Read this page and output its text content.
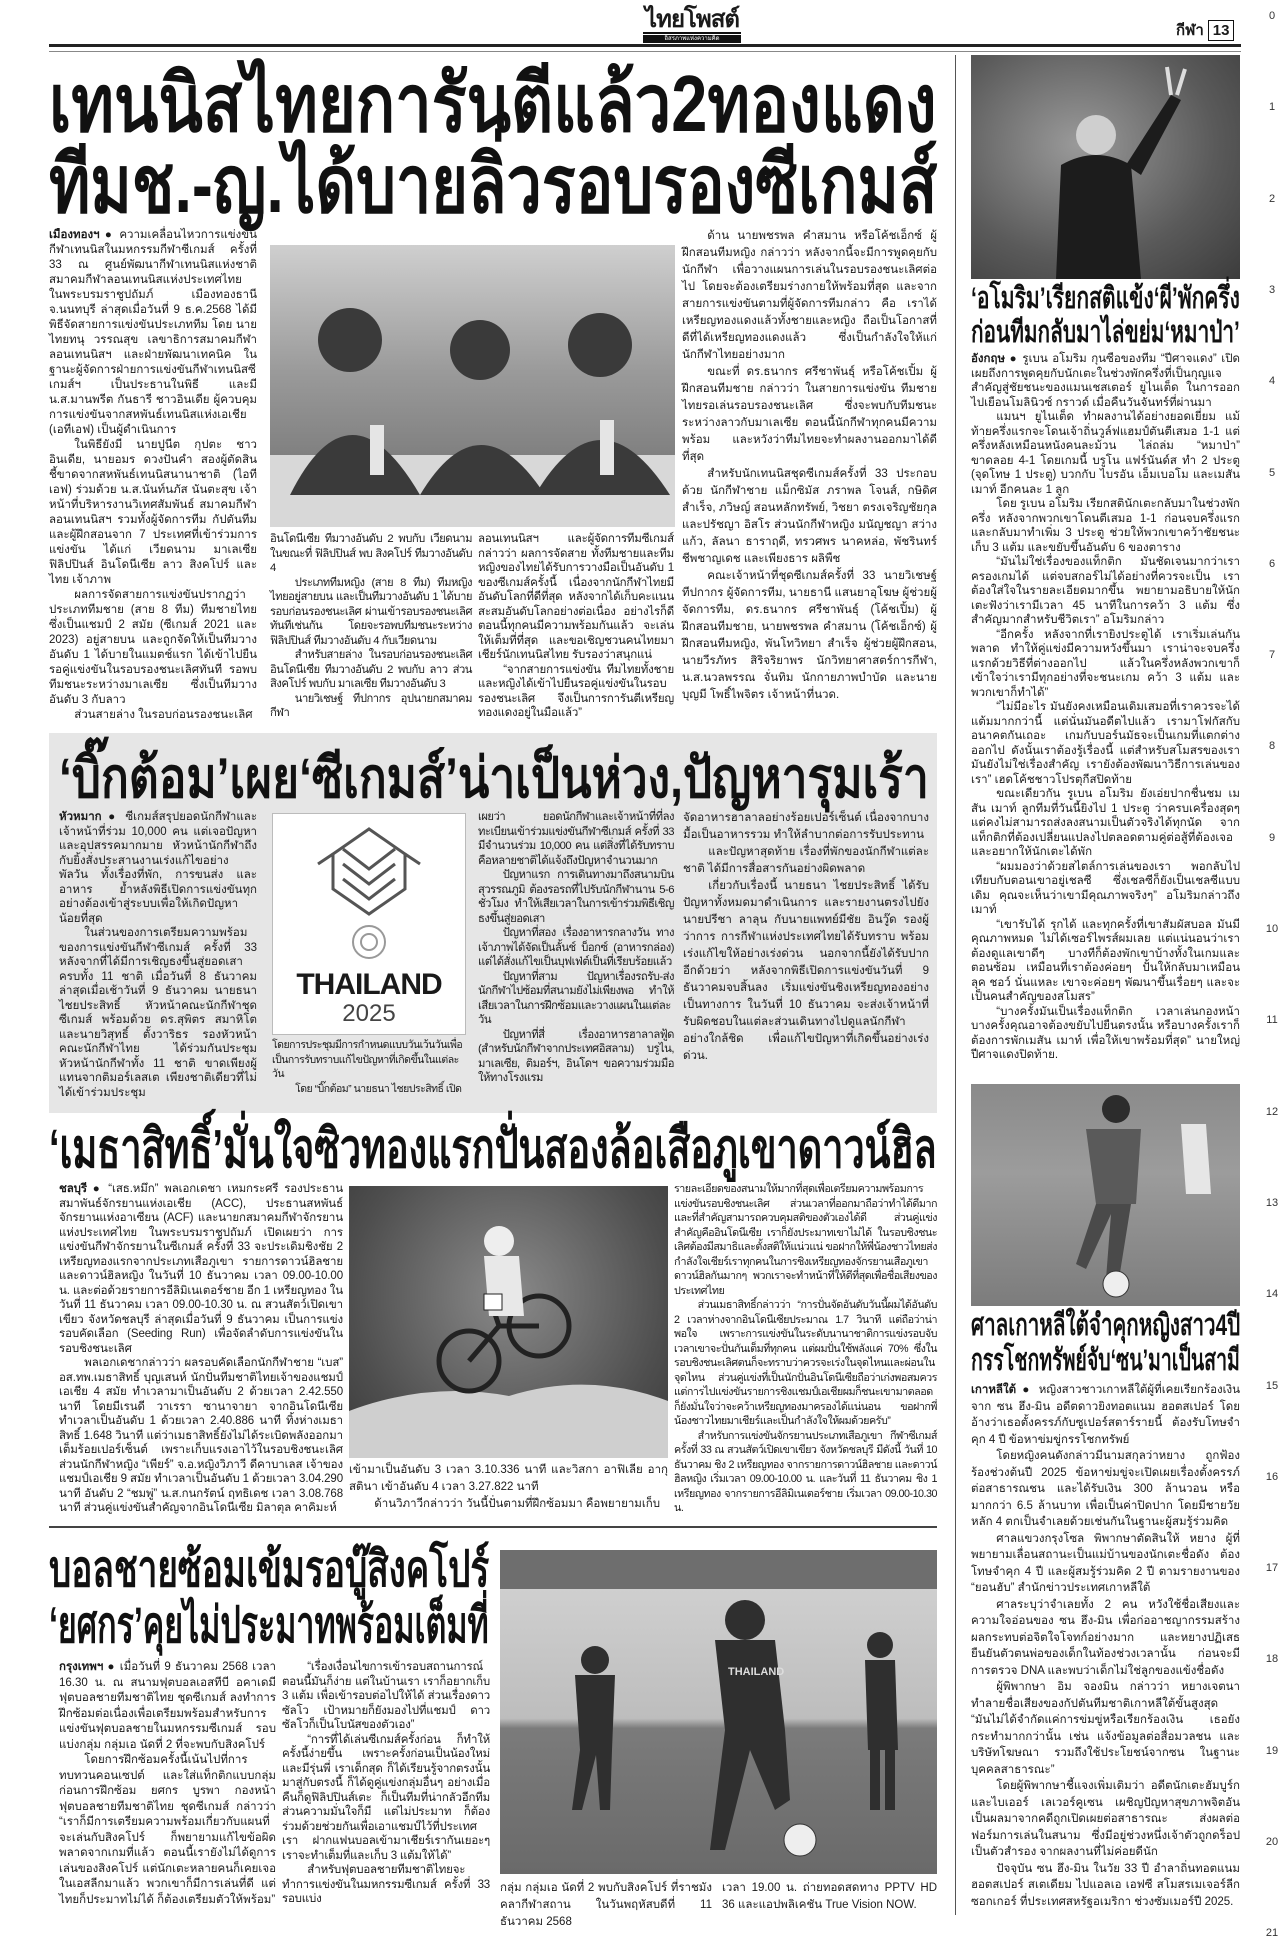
ไทยโพสต์
อิสรภาพแห่งความคิด	กีฬา 13
0
1
2
3
4
5
6
7
8
9
10
11
12
13
14
15
16
17
18
19
20
21
เทนนิสไทยการันตีแล้ว2ทองแดง
ทีมช.-ญ.ได้บายลิ่วรอบรองซีเกมส์

เมืองทองฯ ● ความเคลื่อนไหวการแข่งขันกีฬาเทนนิสในมหกรรมกีฬาซีเกมส์ ครั้งที่ 33 ณ ศูนย์พัฒนากีฬาเทนนิสแห่งชาติ สมาคมกีฬาลอนเทนนิสแห่งประเทศไทย ในพระบรมราชูปถัมภ์ เมืองทองธานี จ.นนทบุรี ล่าสุดเมื่อวันที่ 9 ธ.ค.2568 ได้มีพิธีจัดสายการแข่งขันประเภททีม โดย นายไทยทนุ วรรณสุข เลขาธิการสมาคมกีฬาลอนเทนนิสฯ และฝ่ายพัฒนาเทคนิค ในฐานะผู้จัดการฝ่ายการแข่งขันกีฬาเทนนิสซีเกมส์ฯ เป็นประธานในพิธี และมี น.ส.มานพรีต กันธารี ชาวอินเดีย ผู้ควบคุมการแข่งขันจากสหพันธ์เทนนิสแห่งเอเชีย (เอทีเอฟ) เป็นผู้ดำเนินการ

ในพิธียังมี นายปูนีต กุปตะ ชาวอินเดีย, นายอมร ดวงปันคำ สองผู้ตัดสินชี้ขาดจากสหพันธ์เทนนิสนานาชาติ (ไอทีเอฟ) ร่วมด้วย น.ส.นันท์นภัส นันตะสุข เจ้าหน้าที่บริหารงานวิเทศสัมพันธ์ สมาคมกีฬาลอนเทนนิสฯ รวมทั้งผู้จัดการทีม กัปตันทีม และผู้ฝึกสอนจาก 7 ประเทศที่เข้าร่วมการแข่งขัน ได้แก่ เวียดนาม มาเลเซีย ฟิลิปปินส์ อินโดนีเซีย ลาว สิงคโปร์ และไทย เจ้าภาพ

ผลการจัดสายการแข่งขันปรากฏว่า ประเภททีมชาย (สาย 8 ทีม) ทีมชายไทย ซึ่งเป็นแชมป์ 2 สมัย (ซีเกมส์ 2021 และ 2023) อยู่สายบน และถูกจัดให้เป็นทีมวางอันดับ 1 ได้บายในแมตช์แรก ได้เข้าไปยืนรอคู่แข่งขันในรอบรองชนะเลิศทันที รอพบทีมชนะระหว่างมาเลเซีย ซึ่งเป็นทีมวางอันดับ 3 กับลาว

ส่วนสายล่าง ในรอบก่อนรองชนะเลิศ

อินโดนีเซีย ทีมวางอันดับ 2 พบกับ เวียดนาม ในขณะที่ ฟิลิปปินส์ พบ สิงคโปร์ ทีมวางอันดับ 4

ประเภททีมหญิง (สาย 8 ทีม) ทีมหญิงไทยอยู่สายบน และเป็นทีมวางอันดับ 1 ได้บายรอบก่อนรองชนะเลิศ ผ่านเข้ารอบรองชนะเลิศทันทีเช่นกัน โดยจะรอพบทีมชนะระหว่างฟิลิปปินส์ ทีมวางอันดับ 4 กับเวียดนาม

สำหรับสายล่าง ในรอบก่อนรองชนะเลิศ อินโดนีเซีย ทีมวางอันดับ 2 พบกับ ลาว ส่วนสิงคโปร์ พบกับ มาเลเซีย ทีมวางอันดับ 3

นายวิเชษฐ์ ทีปกากร อุปนายกสมาคมกีฬา

ลอนเทนนิสฯ และผู้จัดการทีมซีเกมส์ กล่าวว่า ผลการจัดสาย ทั้งทีมชายและทีมหญิงของไทยได้รับการวางมือเป็นอันดับ 1 ของซีเกมส์ครั้งนี้ เนื่องจากนักกีฬาไทยมีอันดับโลกที่ดีที่สุด หลังจากได้เก็บคะแนนสะสมอันดับโลกอย่างต่อเนื่อง อย่างไรก็ดีตอนนี้ทุกคนมีความพร้อมกันแล้ว จะเล่นให้เต็มที่ที่สุด และขอเชิญชวนคนไทยมาเชียร์นักเทนนิสไทย รับรองว่าสนุกแน่

“จากสายการแข่งขัน ทีมไทยทั้งชายและหญิงได้เข้าไปยืนรอคู่แข่งขันในรอบรองชนะเลิศ จึงเป็นการการันตีเหรียญทองแดงอยู่ในมือแล้ว”

ด้าน นายพชรพล คำสมาน หรือโค้ชเอ็กซ์ ผู้ฝึกสอนทีมหญิง กล่าวว่า หลังจากนี้จะมีการพูดคุยกับนักกีฬา เพื่อวางแผนการเล่นในรอบรองชนะเลิศต่อไป โดยจะต้องเตรียมร่างกายให้พร้อมที่สุด และจากสายการแข่งขันตามที่ผู้จัดการทีมกล่าว คือ เราได้เหรียญทองแดงแล้วทั้งชายและหญิง ถือเป็นโอกาสที่ดีที่ได้เหรียญทองแดงแล้ว ซึ่งเป็นกำลังใจให้แก่นักกีฬาไทยอย่างมาก

ขณะที่ ดร.ธนากร ศรีชาพันธุ์ หรือโค้ชเปิ้ม ผู้ฝึกสอนทีมชาย กล่าวว่า ในสายการแข่งขัน ทีมชายไทยรอเล่นรอบรองชนะเลิศ ซึ่งจะพบกับทีมชนะระหว่างลาวกับมาเลเซีย ตอนนี้นักกีฬาทุกคนมีความพร้อม และหวังว่าทีมไทยจะทำผลงานออกมาได้ดีที่สุด

สำหรับนักเทนนิสชุดซีเกมส์ครั้งที่ 33 ประกอบด้วย นักกีฬาชาย แม็กซิมัส ภราพล โจนส์, กษิดิศ สำเร็จ, ภวิษญ์ สอนหลักทรัพย์, วิชยา ตรงเจริญชัยกุล และปรัชญา อิสโร ส่วนนักกีฬาหญิง มนัญชญา สว่างแก้ว, ลัลนา ธาราฤดี, ทรวศพร นาคหล่อ, พัชรินทร์ ชีพชาญเดช และเพียงธาร ผลิพืช

คณะเจ้าหน้าที่ชุดซีเกมส์ครั้งที่ 33 นายวิเชษฐ์ ทีปกากร ผู้จัดการทีม, นายธานี แสนยาอุโฆษ ผู้ช่วยผู้จัดการทีม, ดร.ธนากร ศรีชาพันธุ์ (โค้ชเปิ้ม) ผู้ฝึกสอนทีมชาย, นายพชรพล คำสมาน (โค้ชเอ็กซ์) ผู้ฝึกสอนทีมหญิง, พันโทวิทยา สำเร็จ ผู้ช่วยผู้ฝึกสอน, นายวีรภัทร สิริจริยาพร นักวิทยาศาสตร์การกีฬา, น.ส.นวลพรรณ จั่นทิม นักกายภาพบำบัด และนายบุญมี โพธิ์ไพจิตร เจ้าหน้าที่นวด.

‘บิ๊กต้อม’เผย‘ซีเกมส์’น่าเป็นห่วง,ปัญหารุมเร้า

หัวหมาก ● ซีเกมส์สรุปยอดนักกีฬาและเจ้าหน้าที่ร่วม 10,000 คน แต่เจอปัญหาและอุปสรรคมากมาย หัวหน้านักกีฬาถึงกับยิ้งสั่งประสานงานเร่งแก้ไขอย่างพัลวัน ทั้งเรื่องที่พัก, การขนส่ง และอาหาร ย้ำหลังพิธีเปิดการแข่งขันทุกอย่างต้องเข้าสู่ระบบเพื่อให้เกิดปัญหาน้อยที่สุด

ในส่วนของการเตรียมความพร้อมของการแข่งขันกีฬาซีเกมส์ ครั้งที่ 33 หลังจากที่ได้มีการเชิญธงขึ้นสู่ยอดเสาครบทั้ง 11 ชาติ เมื่อวันที่ 8 ธันวาคม ล่าสุดเมื่อเช้าวันที่ 9 ธันวาคม นายธนา ไชยประสิทธิ์ หัวหน้าคณะนักกีฬาชุดซีเกมส์ พร้อมด้วย ดร.สุพิตร สมาหิโต และนายวิสุทธิ์ ตั้งวาริธร รองหัวหน้าคณะนักกีฬาไทย ได้ร่วมกันประชุมหัวหน้านักกีฬาทั้ง 11 ชาติ ขาดเพียงผู้แทนจากติมอร์เลสเต เพียงชาติเดียวที่ไม่ได้เข้าร่วมประชุม

THAILAND
2025

โดยการประชุมมีการกำหนดแบบวันเว้นวันเพื่อเป็นการรับทราบแก้ไขปัญหาที่เกิดขึ้นในแต่ละวัน

โดย “บิ๊กต้อม” นายธนา ไชยประสิทธิ์ เปิด

เผยว่า ยอดนักกีฬาและเจ้าหน้าที่ที่ลงทะเบียนเข้าร่วมแข่งขันกีฬาซีเกมส์ ครั้งที่ 33 มีจำนวนร่วม 10,000 คน แต่สิ่งที่ได้รับทราบคือหลายชาติได้แจ้งถึงปัญหาจำนวนมาก

ปัญหาแรก การเดินทางมาถึงสนามบินสุวรรณภูมิ ต้องรอรถที่ไปรับนักกีฬานาน 5-6 ชั่วโมง ทำให้เสียเวลาในการเข้าร่วมพิธีเชิญธงขึ้นสู่ยอดเสา

ปัญหาที่สอง เรื่องอาหารกลางวัน ทางเจ้าภาพได้จัดเป็นลั้นช์ บ็อกซ์ (อาหารกล่อง) แต่ได้สั่งแก้ไขเป็นบุฟเฟ่ต์เป็นที่เรียบร้อยแล้ว

ปัญหาที่สาม ปัญหาเรื่องรถรับ-ส่งนักกีฬาไปซ้อมที่สนามยังไม่เพียงพอ ทำให้เสียเวลาในการฝึกซ้อมและวางแผนในแต่ละวัน

ปัญหาที่สี่ เรื่องอาหารฮาลาลฟู้ด (สำหรับนักกีฬาจากประเทศอิสลาม) บรูไน, มาเลเซีย, ติมอร์ฯ, อินโดฯ ขอความร่วมมือให้ทางโรงแรม

จัดอาหารฮาลาลอย่างร้อยเปอร์เซ็นต์ เนื่องจากบางมื้อเป็นอาหารรวม ทำให้ลำบากต่อการรับประทาน

และปัญหาสุดท้าย เรื่องที่พักของนักกีฬาแต่ละชาติ ได้มีการสื่อสารกันอย่างผิดพลาด

เกี่ยวกับเรื่องนี้ นายธนา ไชยประสิทธิ์ ได้รับปัญหาทั้งหมดมาดำเนินการ และรายงานตรงไปยัง นายปรีชา ลาลุน กับนายแพทย์มีชัย อินวู๊ด รองผู้ว่าการ การกีฬาแห่งประเทศไทยได้รับทราบ พร้อมเร่งแก้ไขให้อย่างเร่งด่วน นอกจากนี้ยังได้รับปากอีกด้วยว่า หลังจากพิธีเปิดการแข่งขันวันที่ 9 ธันวาคมจบสิ้นลง เริ่มแข่งขันชิงเหรียญทองอย่างเป็นทางการ ในวันที่ 10 ธันวาคม จะส่งเจ้าหน้าที่รับผิดชอบในแต่ละส่วนเดินทางไปดูแลนักกีฬาอย่างใกล้ชิด เพื่อแก้ไขปัญหาที่เกิดขึ้นอย่างเร่งด่วน.

‘เมธาสิทธิ์’มั่นใจซิวทองแรกปั่นสองล้อเสือภูเขาดาวน์ฮิล

ชลบุรี ● “เสธ.หมึก” พลเอกเดชา เหมกระศรี รองประธานสมาพันธ์จักรยานแห่งเอเชีย (ACC), ประธานสหพันธ์จักรยานแห่งอาเซียน (ACF) และนายกสมาคมกีฬาจักรยานแห่งประเทศไทย ในพระบรมราชูปถัมภ์ เปิดเผยว่า การแข่งขันกีฬาจักรยานในซีเกมส์ ครั้งที่ 33 จะประเดิมชิงชัย 2 เหรียญทองแรกจากประเภทเสือภูเขา รายการดาวน์ฮิลชาย และดาวน์ฮิลหญิง ในวันที่ 10 ธันวาคม เวลา 09.00-10.00 น. และต่อด้วยรายการอีลิมิเนเตอร์ชาย อีก 1 เหรียญทอง ในวันที่ 11 ธันวาคม เวลา 09.00-10.30 น. ณ สวนสัตว์เปิดเขาเขียว จังหวัดชลบุรี ล่าสุดเมื่อวันที่ 9 ธันวาคม เป็นการแข่งรอบคัดเลือก (Seeding Run) เพื่อจัดลำดับการแข่งขันในรอบชิงชนะเลิศ

พลเอกเดชากล่าวว่า ผลรอบคัดเลือกนักกีฬาชาย “เบส” อส.ทพ.เมธาสิทธิ์ บุญเสนห์ นักปั่นทีมชาติไทยเจ้าของแชมป์เอเชีย 4 สมัย ทำเวลามาเป็นอันดับ 2 ด้วยเวลา 2.42.550 นาที โดยมีเรนดี วาเรรา ซานาจายา จากอินโดนีเซีย ทำเวลาเป็นอันดับ 1 ด้วยเวลา 2.40.886 นาที ทิ้งห่างเมธาสิทธิ์ 1.648 วินาที แต่ว่าเมธาสิทธิ์ยังไม่ได้ระเบิดพลังออกมาเต็มร้อยเปอร์เซ็นต์ เพราะเก็บแรงเอาไว้ในรอบชิงชนะเลิศ ส่วนนักกีฬาหญิง “เพียร์” จ.อ.หญิงวิภาวี ดีคาบาเลส เจ้าของแชมป์เอเชีย 9 สมัย ทำเวลาเป็นอันดับ 1 ด้วยเวลา 3.04.290 นาที อันดับ 2 “ชมพู่” น.ส.กนกรัตน์ ฤทธิเดช เวลา 3.08.768 นาที ส่วนคู่แข่งขันสำคัญจากอินโดนีเซีย มิลาตุล คาคิมะห์

เข้ามาเป็นอันดับ 3 เวลา 3.10.336 นาที และวิสกา อาฟิเลีย อากุสตินา เข้าอันดับ 4 เวลา 3.27.822 นาที

ด้านวิภาวีกล่าวว่า วันนี้ปั่นตามที่ฝึกซ้อมมา คือพยายามเก็บ

รายละเอียดของสนามให้มากที่สุดเพื่อเตรียมความพร้อมการแข่งขันรอบชิงชนะเลิศ ส่วนเวลาที่ออกมาถือว่าทำได้ดีมาก และที่สำคัญสามารถควบคุมสติของตัวเองได้ดี ส่วนคู่แข่งสำคัญคืออินโดนีเซีย เราก็ยังประมาทเขาไม่ได้ ในรอบชิงชนะเลิศต้องมีสมาธิและตั้งสติให้แน่วแน่ ขอฝากให้พี่น้องชาวไทยส่งกำลังใจเชียร์เราทุกคนในการชิงเหรียญทองจักรยานเสือภูเขาดาวน์ฮิลกันมากๆ พวกเราจะทำหน้าที่ให้ดีที่สุดเพื่อชื่อเสียงของประเทศไทย

ส่วนเมธาสิทธิ์กล่าวว่า “การปั่นจัดอันดับวันนี้ผมได้อันดับ 2 เวลาห่างจากอินโดนีเซียประมาณ 1.7 วินาที แต่ถือว่าน่าพอใจ เพราะการแข่งขันในระดับนานาชาติการแข่งรอบจับเวลาเขาจะปั่นกันเต็มที่ทุกคน แต่ผมปั่นใช้พลังแค่ 70% ซึ่งในรอบชิงชนะเลิศตนก็จะทราบว่าควรจะเร่งในจุดไหนและผ่อนในจุดไหน ส่วนคู่แข่งที่เป็นนักปั่นอินโดนีเซียถือว่าเก่งพอสมควร แต่การไปแข่งขันรายการชิงแชมป์เอเชียผมก็ชนะเขามาตลอด ก็ยังมั่นใจว่าจะคว้าเหรียญทองมาครองได้แน่นอน ขอฝากพี่น้องชาวไทยมาเชียร์และเป็นกำลังใจให้ผมด้วยครับ”

สำหรับการแข่งขันจักรยานประเภทเสือภูเขา กีฬาซีเกมส์ ครั้งที่ 33 ณ สวนสัตว์เปิดเขาเขียว จังหวัดชลบุรี มีดังนี้ วันที่ 10 ธันวาคม ชิง 2 เหรียญทอง จากรายการดาวน์ฮิลชาย และดาวน์ฮิลหญิง เริ่มเวลา 09.00-10.00 น. และวันที่ 11 ธันวาคม ชิง 1 เหรียญทอง จากรายการอีลิมิเนเตอร์ชาย เริ่มเวลา 09.00-10.30 น.

บอลชายซ้อมเข้มรอบู๊สิงคโปร์
‘ยศกร’คุยไม่ประมาทพร้อมเต็มที่

กรุงเทพฯ ● เมื่อวันที่ 9 ธันวาคม 2568 เวลา 16.30 น. ณ สนามฟุตบอลเอสทีบี อคาเดมี ฟุตบอลชายทีมชาติไทย ชุดซีเกมส์ ลงทำการฝึกซ้อมต่อเนื่องเพื่อเตรียมพร้อมสำหรับการแข่งขันฟุตบอลชายในมหกรรมซีเกมส์ รอบแบ่งกลุ่ม กลุ่มเอ นัดที่ 2 ที่จะพบกับสิงคโปร์

โดยการฝึกซ้อมครั้งนี้เน้นไปที่การทบทวนคอนเซปต์ และใส่แท็กติกแบบกลุ่มก่อนการฝึกซ้อม ยศกร บูรพา กองหน้าฟุตบอลชายทีมชาติไทย ชุดซีเกมส์ กล่าวว่า “เราก็มีการเตรียมความพร้อมเกี่ยวกับแผนที่จะเล่นกับสิงคโปร์ ก็พยายามแก้ไขข้อผิดพลาดจากเกมที่แล้ว ตอนนี้เรายังไม่ได้ดูการเล่นของสิงคโปร์ แต่นักเตะหลายคนก็เคยเจอในเอสลีกมาแล้ว พวกเขาก็มีการเล่นที่ดี แต่ไทยก็ประมาทไม่ได้ ก็ต้องเตรียมตัวให้พร้อม”

“เรื่องเงื่อนไขการเข้ารอบสถานการณ์ตอนนี้มันก็ง่าย แต่ในบ้านเรา เราก็อยากเก็บ 3 แต้ม เพื่อเข้ารอบต่อไปให้ได้ ส่วนเรื่องดาวซัลโว เป้าหมายก็ยังมองไปที่แชมป์ ดาวซัลโวก็เป็นโบนัสของตัวเอง”

“การที่ได้เล่นซีเกมส์ครั้งก่อน ก็ทำให้ครั้งนี้ง่ายขึ้น เพราะครั้งก่อนเป็นน้องใหม่ และมีรุ่นพี่ เราเด็กสุด ก็ได้เรียนรู้จากตรงนั้นมาสู่กับตรงนี้ ก็ได้ดูคู่แข่งกลุ่มอื่นๆ อย่างเมื่อคืนก็ดูฟิลิปปินส์เตะ ก็เป็นทีมที่น่ากลัวอีกทีม ส่วนความมั่นใจก็มี แต่ไม่ประมาท ก็ต้องร่วมด้วยช่วยกันเพื่อเอาแชมป์ไว้ที่ประเทศเรา ฝากแฟนบอลเข้ามาเชียร์เรากันเยอะๆ เราจะทำเต็มที่และเก็บ 3 แต้มให้ได้”

สำหรับฟุตบอลชายทีมชาติไทยจะทำการแข่งขันในมหกรรมซีเกมส์ ครั้งที่ 33 รอบแบ่ง

THAILAND
กลุ่ม กลุ่มเอ นัดที่ 2 พบกับสิงคโปร์ ที่ราชมังคลากีฬาสถาน ในวันพฤหัสบดีที่ 11 ธันวาคม 2568
เวลา 19.00 น. ถ่ายทอดสดทาง PPTV HD 36 และแอปพลิเคชัน True Vision NOW.
‘อโมริม’เรียกสติแข้ง‘ผี’พักครึ่ง
ก่อนทีมกลับมาไล่ขย่ม‘หมาป่า’

อังกฤษ ● รูเบน อโมริม กุนซือของทีม “ปีศาจแดง” เปิดเผยถึงการพูดคุยกับนักเตะในช่วงพักครึ่งที่เป็นกุญแจสำคัญสู่ชัยชนะของแมนเชสเตอร์ ยูไนเต็ด ในการออกไปเยือนโมลินิวซ์ กราวด์ เมื่อคืนวันจันทร์ที่ผ่านมา

แมนฯ ยูไนเต็ด ทำผลงานได้อย่างยอดเยี่ยม แม้ท้ายครึ่งแรกจะโดนเจ้าถิ่นวูล์ฟแฮมป์ตันตีเสมอ 1-1 แต่ครึ่งหลังเหมือนหนังคนละม้วน ไล่ถล่ม “หมาป่า” ขาดลอย 4-1 โดยเกมนี้ บรูโน แฟร์นันด์ส ทำ 2 ประตู (จุดโทษ 1 ประตู) บวกกับ ไบรอัน เอ็มเบอโม และเมสัน เมาท์ อีกคนละ 1 ลูก

โดย รูเบน อโมริม เรียกสตินักเตะกลับมาในช่วงพักครึ่ง หลังจากพวกเขาโดนตีเสมอ 1-1 ก่อนจบครึ่งแรก และกลับมาทำเพิ่ม 3 ประตู ช่วยให้พวกเขาคว้าชัยชนะ เก็บ 3 แต้ม และขยับขึ้นอันดับ 6 ของตาราง

“มันไม่ใช่เรื่องของแท็กติก มันชัดเจนมากว่าเราครองเกมได้ แต่จบสกอร์ไม่ได้อย่างที่ควรจะเป็น เราต้องใส่ใจในรายละเอียดมากขึ้น พยายามอธิบายให้นักเตะฟังว่าเรามีเวลา 45 นาทีในการคว้า 3 แต้ม ซึ่งสำคัญมากสำหรับชีวิตเรา” อโมริมกล่าว

“อีกครั้ง หลังจากที่เรายิงประตูได้ เราเริ่มเล่นกันพลาด ทำให้คู่แข่งมีความหวังขึ้นมา เราน่าจะจบครึ่งแรกด้วยวิธีที่ต่างออกไป แล้วในครึ่งหลังพวกเขาก็เข้าใจว่าเรามีทุกอย่างที่จะชนะเกม คว้า 3 แต้ม และพวกเขาก็ทำได้”

“ไม่มีอะไร มันยังคงเหมือนเดิมเสมอที่เราควรจะได้แต้มมากกว่านี้ แต่นั่นมันอดีตไปแล้ว เรามาโฟกัสกับอนาคตกันเถอะ เกมกับบอร์นมัธจะเป็นเกมที่แตกต่างออกไป ดังนั้นเราต้องรู้เรื่องนี้ แต่สำหรับสโมสรของเรา มันยังไม่ใช่เรื่องสำคัญ เรายังต้องพัฒนาวิธีการเล่นของเรา” เฮดโค้ชชาวโปรตุกีสปิดท้าย

ขณะเดียวกัน รูเบน อโมริม ยังเอ่ยปากชื่นชม เมสัน เมาท์ ลูกทีมที่วันนี้ยิงไป 1 ประตู ว่าครบเครื่องสุดๆ แต่คงไม่สามารถส่งลงสนามเป็นตัวจริงได้ทุกนัด จากแท็กติกที่ต้องเปลี่ยนแปลงไปตลอดตามคู่ต่อสู้ที่ต้องเจอ และอยากให้นักเตะได้พัก

“ผมมองว่าด้วยสไตล์การเล่นของเรา พอกลับไปเทียบกับตอนเขาอยู่เชลซี ซึ่งเชลซีก็ยังเป็นเชลซีแบบเดิม คุณจะเห็นว่าเขามีคุณภาพจริงๆ” อโมริมกล่าวถึงเมาท์

“เขารับได้ รุกได้ และทุกครั้งที่เขาสัมผัสบอล มันมีคุณภาพหมด ไม่ได้เซอร์ไพรส์ผมเลย แต่แน่นอนว่าเราต้องดูแลเขาดีๆ บางทีก็ต้องพักเขาบ้างทั้งในเกมและตอนซ้อม เหมือนที่เราต้องค่อยๆ ปั้นให้กลับมาเหมือน ลุค ชอว์ นั่นแหละ เขาจะค่อยๆ พัฒนาขึ้นเรื่อยๆ และจะเป็นคนสำคัญของสโมสร”

“บางครั้งมันเป็นเรื่องแท็กติก เวลาเล่นกองหน้า บางครั้งคุณอาจต้องขยับไปยืนตรงนั้น หรือบางครั้งเราก็ต้องการพักเมสัน เมาท์ เพื่อให้เขาพร้อมที่สุด” นายใหญ่ปีศาจแดงปิดท้าย.

ศาลเกาหลีใต้จำคุกหญิงสาว4ปี
กรรโชกทรัพย์จับ‘ซน’มาเป็นสามี

เกาหลีใต้ ● หญิงสาวชาวเกาหลีใต้ผู้ที่เคยเรียกร้องเงินจาก ซน ฮึง-มิน อดีตดาวยิงทอตแนม ฮอตสเปอร์ โดยอ้างว่าเธอตั้งครรภ์กับซูเปอร์สตาร์รายนี้ ต้องรับโทษจำคุก 4 ปี ข้อหาข่มขู่กรรโชกทรัพย์

โดยหญิงคนดังกล่าวมีนามสกุลว่าหยาง ถูกฟ้องร้องช่วงต้นปี 2025 ข้อหาข่มขู่จะเปิดเผยเรื่องตั้งครรภ์ต่อสาธารณชน และได้รับเงิน 300 ล้านวอน หรือมากกว่า 6.5 ล้านบาท เพื่อเป็นค่าปิดปาก โดยมีชายวัยหลัก 4 ตกเป็นจำเลยด้วยเช่นกันในฐานะผู้สมรู้ร่วมคิด

ศาลแขวงกรุงโซล พิพากษาตัดสินให้ หยาง ผู้ที่พยายามเลื่อนสถานะเป็นแม่บ้านของนักเตะชื่อดัง ต้องโทษจำคุก 4 ปี และผู้สมรู้ร่วมคิด 2 ปี ตามรายงานของ “ยอนฮับ” สำนักข่าวประเทศเกาหลีใต้

ศาลระบุว่าจำเลยทั้ง 2 คน หวังใช้ชื่อเสียงและความใจอ่อนของ ซน ฮึง-มิน เพื่อก่ออาชญากรรมสร้างผลกระทบต่อจิตใจโจทก์อย่างมาก และหยางปฏิเสธยืนยันตัวตนพ่อของเด็กในท้องช่วงเวลานั้น ก่อนจะมีการตรวจ DNA และพบว่าเด็กไม่ใช่ลูกของแข้งชื่อดัง

ผู้พิพากษา อิม จองมิน กล่าวว่า หยางเจตนาทำลายชื่อเสียงของกัปตันทีมชาติเกาหลีใต้ขั้นสูงสุด “มันไม่ได้จำกัดแค่การข่มขู่หรือเรียกร้องเงิน เธอยังกระทำมากกว่านั้น เช่น แจ้งข้อมูลต่อสื่อมวลชน และบริษัทโฆษณา รวมถึงใช้ประโยชน์จากซน ในฐานะบุคคลสาธารณะ”

โดยผู้พิพากษาชี้แจงเพิ่มเติมว่า อดีตนักเตะฮัมบูร์ก และไบเออร์ เลเวอร์คูเซน เผชิญปัญหาสุขภาพจิตอันเป็นผลมาจากคดีถูกเปิดเผยต่อสาธารณะ ส่งผลต่อฟอร์มการเล่นในสนาม ซึ่งมีอยู่ช่วงหนึ่งเจ้าตัวถูกดร็อปเป็นตัวสำรอง จากผลงานที่ไม่ค่อยดีนัก

ปัจจุบัน ซน ฮึง-มิน ในวัย 33 ปี อำลาถิ่นทอตแนม ฮอตสเปอร์ สเตเดียม ไปแอลเอ เอฟซี สโมสรเมเจอร์ลีก ซอกเกอร์ ที่ประเทศสหรัฐอเมริกา ช่วงซัมเมอร์ปี 2025.
